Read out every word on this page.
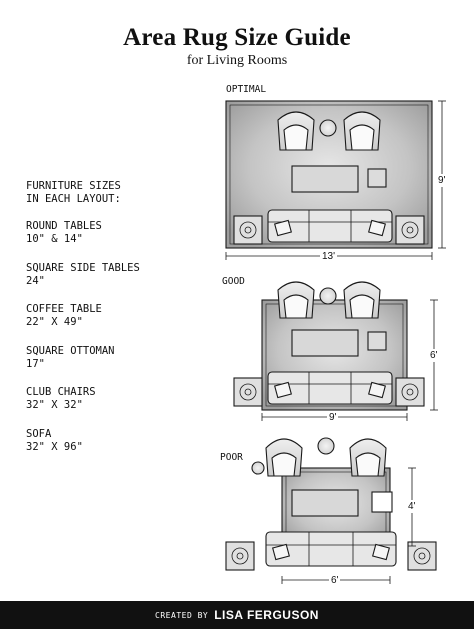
Area Rug Size Guide
for Living Rooms
FURNITURE SIZES
IN EACH LAYOUT:
ROUND TABLES
10" & 14"
SQUARE SIDE TABLES
24"
COFFEE TABLE
22" X 49"
SQUARE OTTOMAN
17"
CLUB CHAIRS
32" X 32"
SOFA
32" X 96"
OPTIMAL
GOOD
POOR
13'
9'
9'
6'
6'
4'
CREATED BY LISA FERGUSON
